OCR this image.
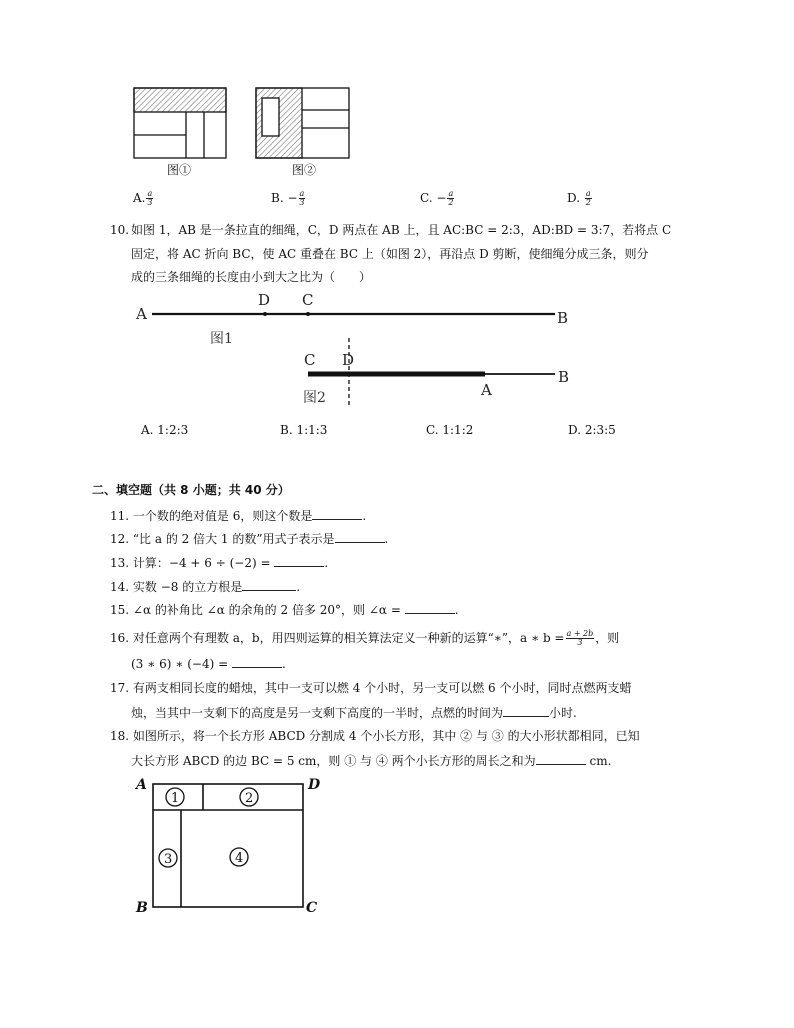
图①	图②
A. $\frac{a}{3}$	B. − $\frac{a}{3}$	C. − $\frac{a}{2}$	D. $\frac{a}{2}$
10. 如图 1，AB 是一条拉直的细绳，C，D 两点在 AB 上，且 AC:BC = 2:3，AD:BD = 3:7，若将点 C
固定，将 AC 折向 BC，使 AC 重叠在 BC 上（如图 2），再沿点 D 剪断，使细绳分成三条，则分
成的三条细绳的长度由小到大之比为（　　）
A
D C
B
图1
C D
A
B
图2
A. 1:2:3	B. 1:1:3	C. 1:1:2	D. 2:3:5
二、填空题（共 8 小题；共 40 分）
11. 一个数的绝对值是 6，则这个数是	.
12. “比 a 的 2 倍大 1 的数”用式子表示是	.
13. 计算：−4 + 6 ÷ (−2) =	.
14. 实数 −8 的立方根是	.
15. ∠α 的补角比 ∠α 的余角的 2 倍多 20°，则 ∠α =	.
16. 对任意两个有理数 a，b，用四则运算的相关算法定义一种新的运算“∗”，a ∗ $b = \frac{a + 2b}{3}$ ，则
(3 ∗ 6) ∗ (−4) =	.
17. 有两支相同长度的蜡烛，其中一支可以燃 4 个小时，另一支可以燃 6 个小时，同时点燃两支蜡
烛，当其中一支剩下的高度是另一支剩下高度的一半时，点燃的时间为	小时.
18. 如图所示，将一个长方形 ABCD 分割成 4 个小长方形，其中 ② 与 ③ 的大小形状都相同，已知
大长方形 ABCD 的边 BC = 5 cm，则 ① 与 ④ 两个小长方形的周长之和为	cm.
1	2
3	4
A	D
B	C
